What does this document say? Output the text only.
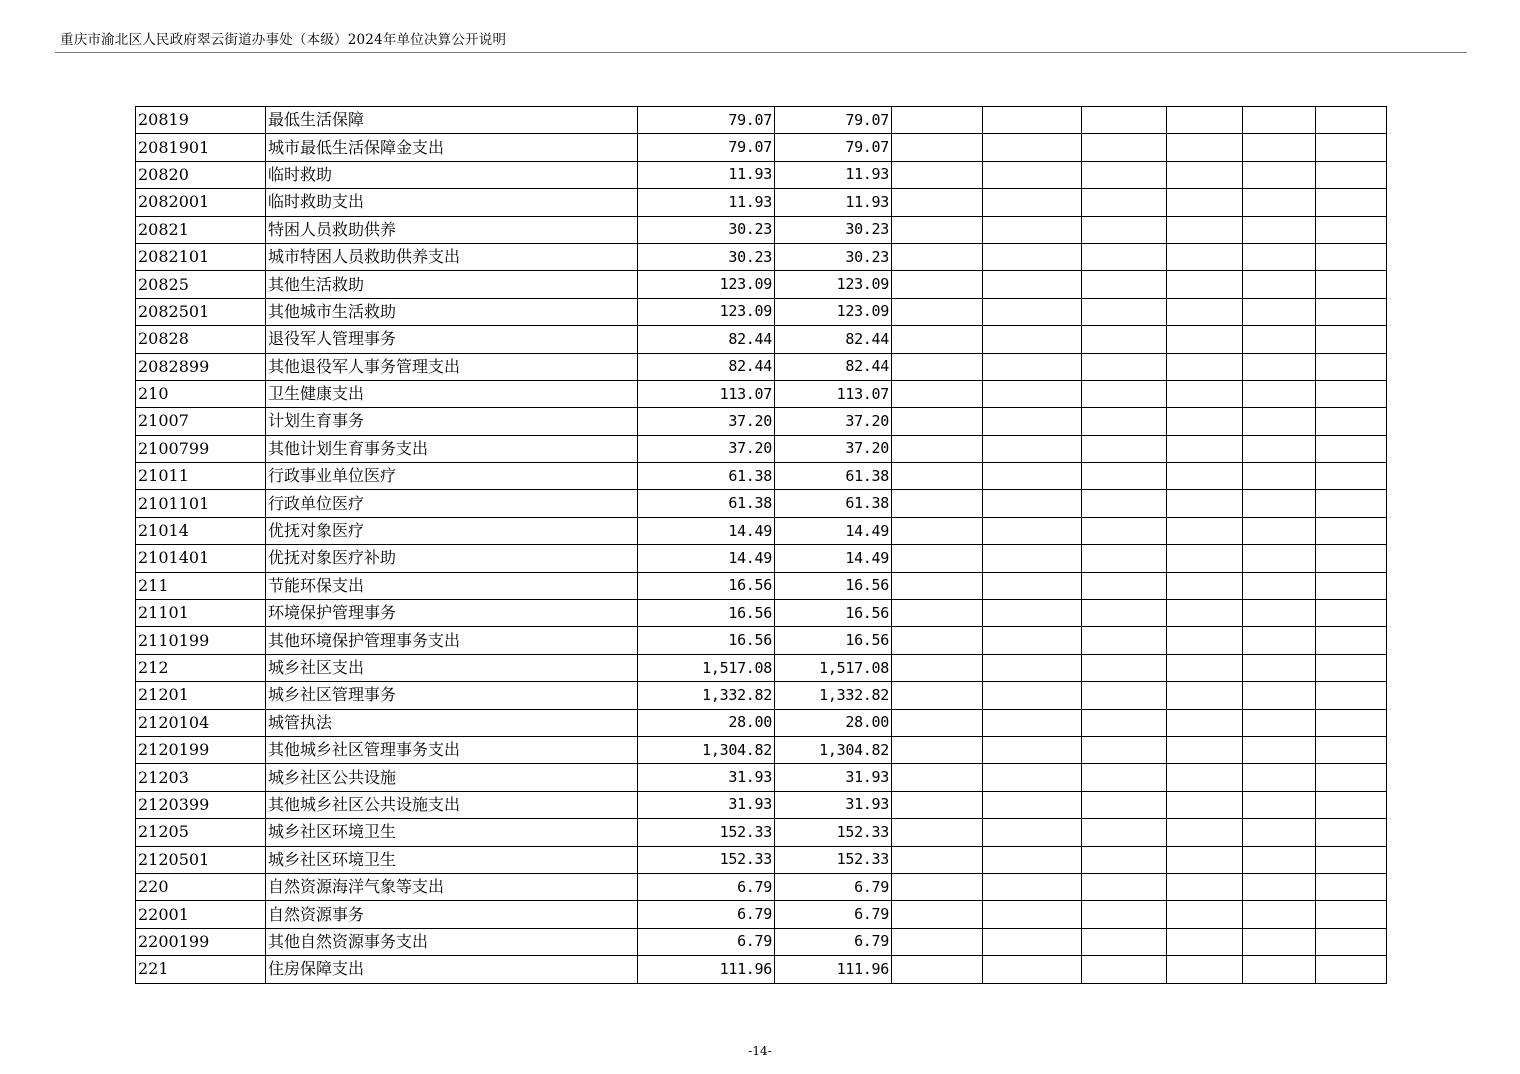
重庆市渝北区人民政府翠云街道办事处（本级）2024年单位决算公开说明
20819	最低生活保障	79.07	79.07						
2081901	城市最低生活保障金支出	79.07	79.07						
20820	临时救助	11.93	11.93						
2082001	临时救助支出	11.93	11.93						
20821	特困人员救助供养	30.23	30.23						
2082101	城市特困人员救助供养支出	30.23	30.23						
20825	其他生活救助	123.09	123.09						
2082501	其他城市生活救助	123.09	123.09						
20828	退役军人管理事务	82.44	82.44						
2082899	其他退役军人事务管理支出	82.44	82.44						
210	卫生健康支出	113.07	113.07						
21007	计划生育事务	37.20	37.20						
2100799	其他计划生育事务支出	37.20	37.20						
21011	行政事业单位医疗	61.38	61.38						
2101101	行政单位医疗	61.38	61.38						
21014	优抚对象医疗	14.49	14.49						
2101401	优抚对象医疗补助	14.49	14.49						
211	节能环保支出	16.56	16.56						
21101	环境保护管理事务	16.56	16.56						
2110199	其他环境保护管理事务支出	16.56	16.56						
212	城乡社区支出	1,517.08	1,517.08						
21201	城乡社区管理事务	1,332.82	1,332.82						
2120104	城管执法	28.00	28.00						
2120199	其他城乡社区管理事务支出	1,304.82	1,304.82						
21203	城乡社区公共设施	31.93	31.93						
2120399	其他城乡社区公共设施支出	31.93	31.93						
21205	城乡社区环境卫生	152.33	152.33						
2120501	城乡社区环境卫生	152.33	152.33						
220	自然资源海洋气象等支出	6.79	6.79						
22001	自然资源事务	6.79	6.79						
2200199	其他自然资源事务支出	6.79	6.79						
221	住房保障支出	111.96	111.96						
-14-
